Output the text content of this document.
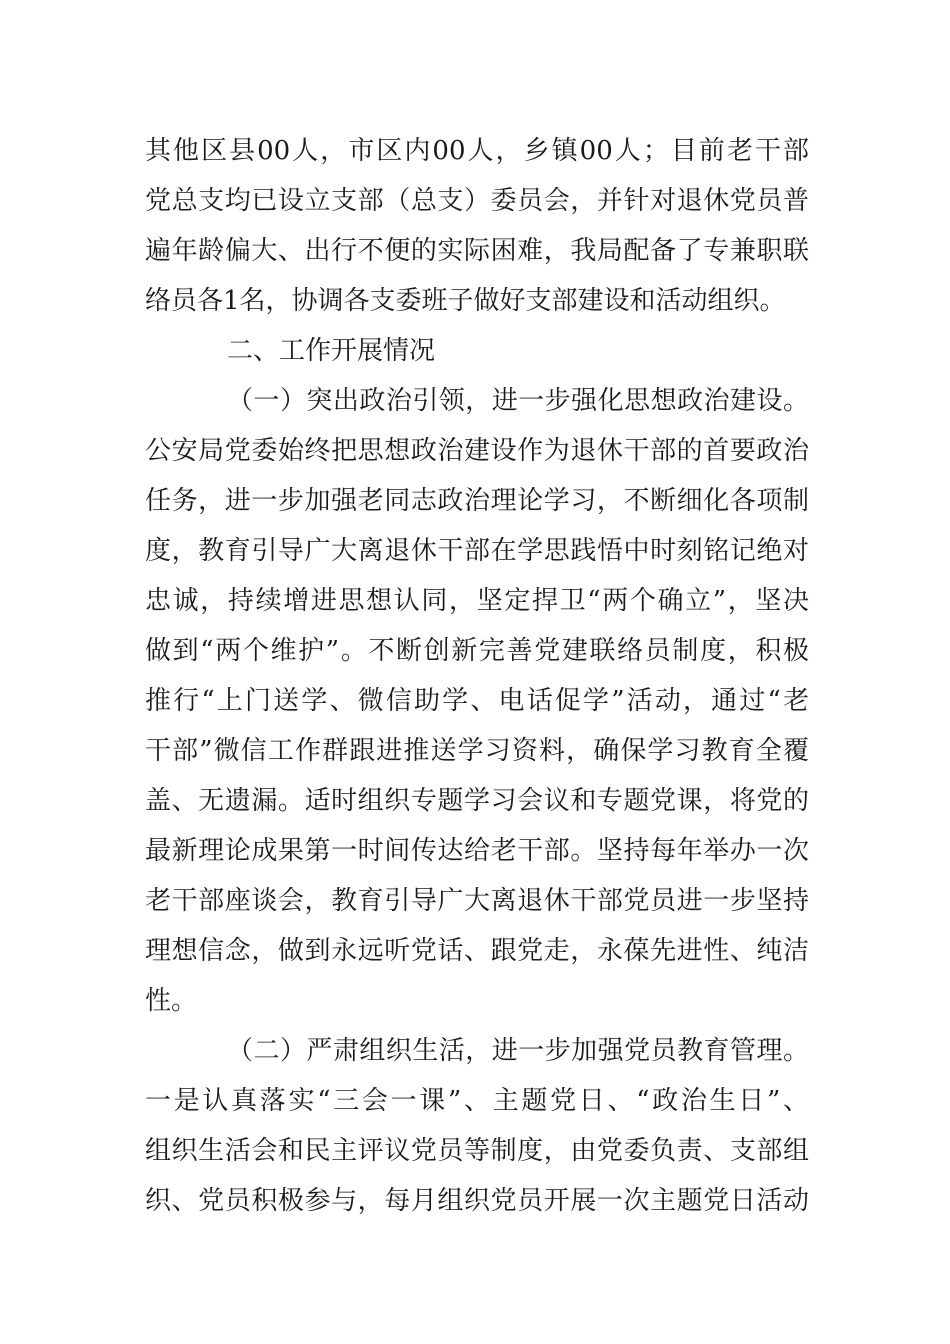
其他区县00人，市区内00人，乡镇00人；目前老干部
党总支均已设立支部（总支）委员会，并针对退休党员普
遍年龄偏大、出行不便的实际困难，我局配备了专兼职联
络员各1名，协调各支委班子做好支部建设和活动组织。
二、工作开展情况
（一）突出政治引领，进一步强化思想政治建设。
公安局党委始终把思想政治建设作为退休干部的首要政治
任务，进一步加强老同志政治理论学习，不断细化各项制
度，教育引导广大离退休干部在学思践悟中时刻铭记绝对
忠诚，持续增进思想认同，坚定捍卫“两个确立”，坚决
做到“两个维护”。不断创新完善党建联络员制度，积极
推行“上门送学、微信助学、电话促学”活动，通过“老
干部”微信工作群跟进推送学习资料，确保学习教育全覆
盖、无遗漏。适时组织专题学习会议和专题党课，将党的
最新理论成果第一时间传达给老干部。坚持每年举办一次
老干部座谈会，教育引导广大离退休干部党员进一步坚持
理想信念，做到永远听党话、跟党走，永葆先进性、纯洁
性。
（二）严肃组织生活，进一步加强党员教育管理。
一是认真落实“三会一课”、主题党日、“政治生日”、
组织生活会和民主评议党员等制度，由党委负责、支部组
织、党员积极参与，每月组织党员开展一次主题党日活动
